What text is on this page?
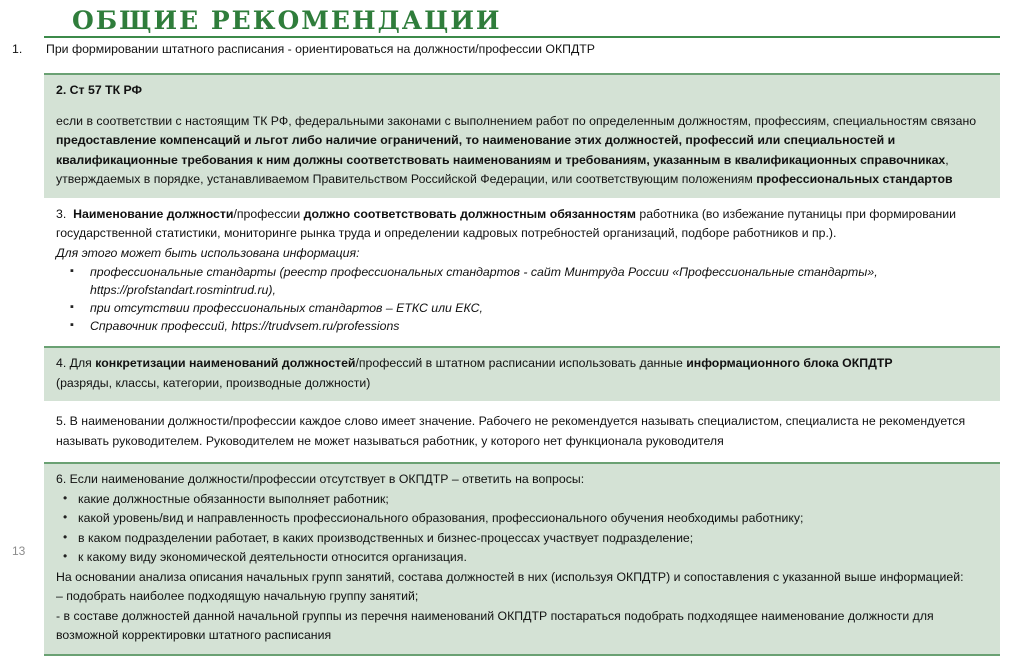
ОБЩИЕ РЕКОМЕНДАЦИИ
1.	При формировании штатного расписания - ориентироваться на должности/профессии ОКПДТР
2. Ст 57 ТК РФ
если в соответствии с настоящим ТК РФ, федеральными законами с выполнением работ по определенным должностям, профессиям, специальностям связано предоставление компенсаций и льгот либо наличие ограничений, то наименование этих должностей, профессий или специальностей и квалификационные требования к ним должны соответствовать наименованиям и требованиям, указанным в квалификационных справочниках, утверждаемых в порядке, устанавливаемом Правительством Российской Федерации, или соответствующим положениям профессиональных стандартов
3. Наименование должности/профессии должно соответствовать должностным обязанностям работника (во избежание путаницы при формировании государственной статистики, мониторинге рынка труда и определении кадровых потребностей организаций, подборе работников и пр.).
Для этого может быть использована информация:
▪ профессиональные стандарты (реестр профессиональных стандартов - сайт Минтруда России «Профессиональные стандарты», https://profstandart.rosmintrud.ru),
▪ при отсутствии профессиональных стандартов – ЕТКС или ЕКС,
▪ Справочник профессий, https://trudvsem.ru/professions
4. Для конкретизации наименований должностей/профессий в штатном расписании использовать данные информационного блока ОКПДТР
(разряды, классы, категории, производные должности)
5. В наименовании должности/профессии каждое слово имеет значение. Рабочего не рекомендуется называть специалистом, специалиста не рекомендуется называть руководителем. Руководителем не может называться работник, у которого нет функционала руководителя
6. Если наименование должности/профессии отсутствует в ОКПДТР – ответить на вопросы:
• какие должностные обязанности выполняет работник;
• какой уровень/вид и направленность профессионального образования, профессионального обучения необходимы работнику;
• в каком подразделении работает, в каких производственных и бизнес-процессах участвует подразделение;
• к какому виду экономической деятельности относится организация.
На основании анализа описания начальных групп занятий, состава должностей в них (используя ОКПДТР) и сопоставления с указанной выше информацией:
– подобрать наиболее подходящую начальную группу занятий;
- в составе должностей данной начальной группы из перечня наименований ОКПДТР постараться подобрать подходящее наименование должности для возможной корректировки штатного расписания
13
